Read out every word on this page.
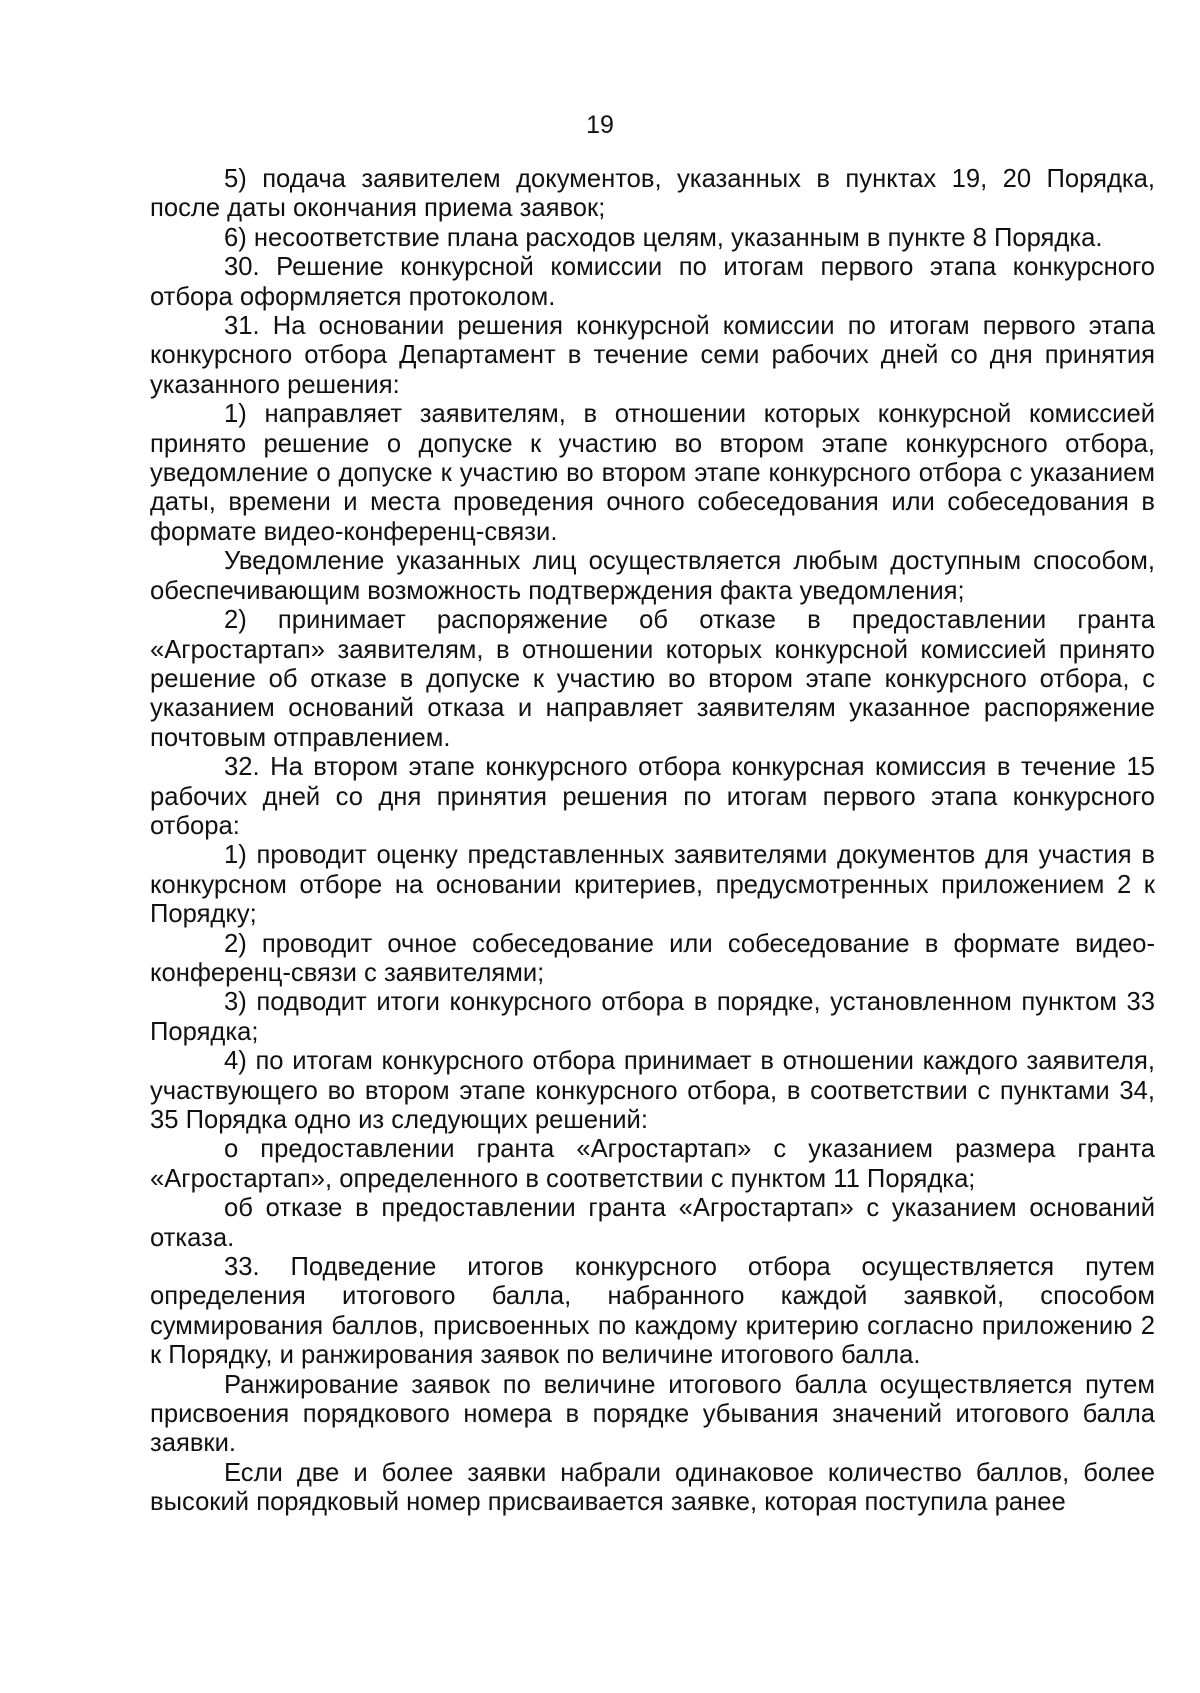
19

5) подача заявителем документов, указанных в пунктах 19, 20 Порядка, после даты окончания приема заявок;

6) несоответствие плана расходов целям, указанным в пункте 8 Порядка.

30. Решение конкурсной комиссии по итогам первого этапа конкурсного отбора оформляется протоколом.

31. На основании решения конкурсной комиссии по итогам первого этапа конкурсного отбора Департамент в течение семи рабочих дней со дня принятия указанного решения:

1) направляет заявителям, в отношении которых конкурсной комиссией принято решение о допуске к участию во втором этапе конкурсного отбора, уведомление о допуске к участию во втором этапе конкурсного отбора с указанием даты, времени и места проведения очного собеседования или собеседования в формате видео-конференц-связи.

Уведомление указанных лиц осуществляется любым доступным способом, обеспечивающим возможность подтверждения факта уведомления;

2) принимает распоряжение об отказе в предоставлении гранта «Агростартап» заявителям, в отношении которых конкурсной комиссией принято решение об отказе в допуске к участию во втором этапе конкурсного отбора, с указанием оснований отказа и направляет заявителям указанное распоряжение почтовым отправлением.

32. На втором этапе конкурсного отбора конкурсная комиссия в течение 15 рабочих дней со дня принятия решения по итогам первого этапа конкурсного отбора:

1) проводит оценку представленных заявителями документов для участия в конкурсном отборе на основании критериев, предусмотренных приложением 2 к Порядку;

2) проводит очное собеседование или собеседование в формате видео-конференц-связи с заявителями;

3) подводит итоги конкурсного отбора в порядке, установленном пунктом 33 Порядка;

4) по итогам конкурсного отбора принимает в отношении каждого заявителя, участвующего во втором этапе конкурсного отбора, в соответствии с пунктами 34, 35 Порядка одно из следующих решений:

о предоставлении гранта «Агростартап» с указанием размера гранта «Агростартап», определенного в соответствии с пунктом 11 Порядка;

об отказе в предоставлении гранта «Агростартап» с указанием оснований отказа.

33. Подведение итогов конкурсного отбора осуществляется путем определения итогового балла, набранного каждой заявкой, способом суммирования баллов, присвоенных по каждому критерию согласно приложению 2 к Порядку, и ранжирования заявок по величине итогового балла.

Ранжирование заявок по величине итогового балла осуществляется путем присвоения порядкового номера в порядке убывания значений итогового балла заявки.

Если две и более заявки набрали одинаковое количество баллов, более высокий порядковый номер присваивается заявке, которая поступила ранее
